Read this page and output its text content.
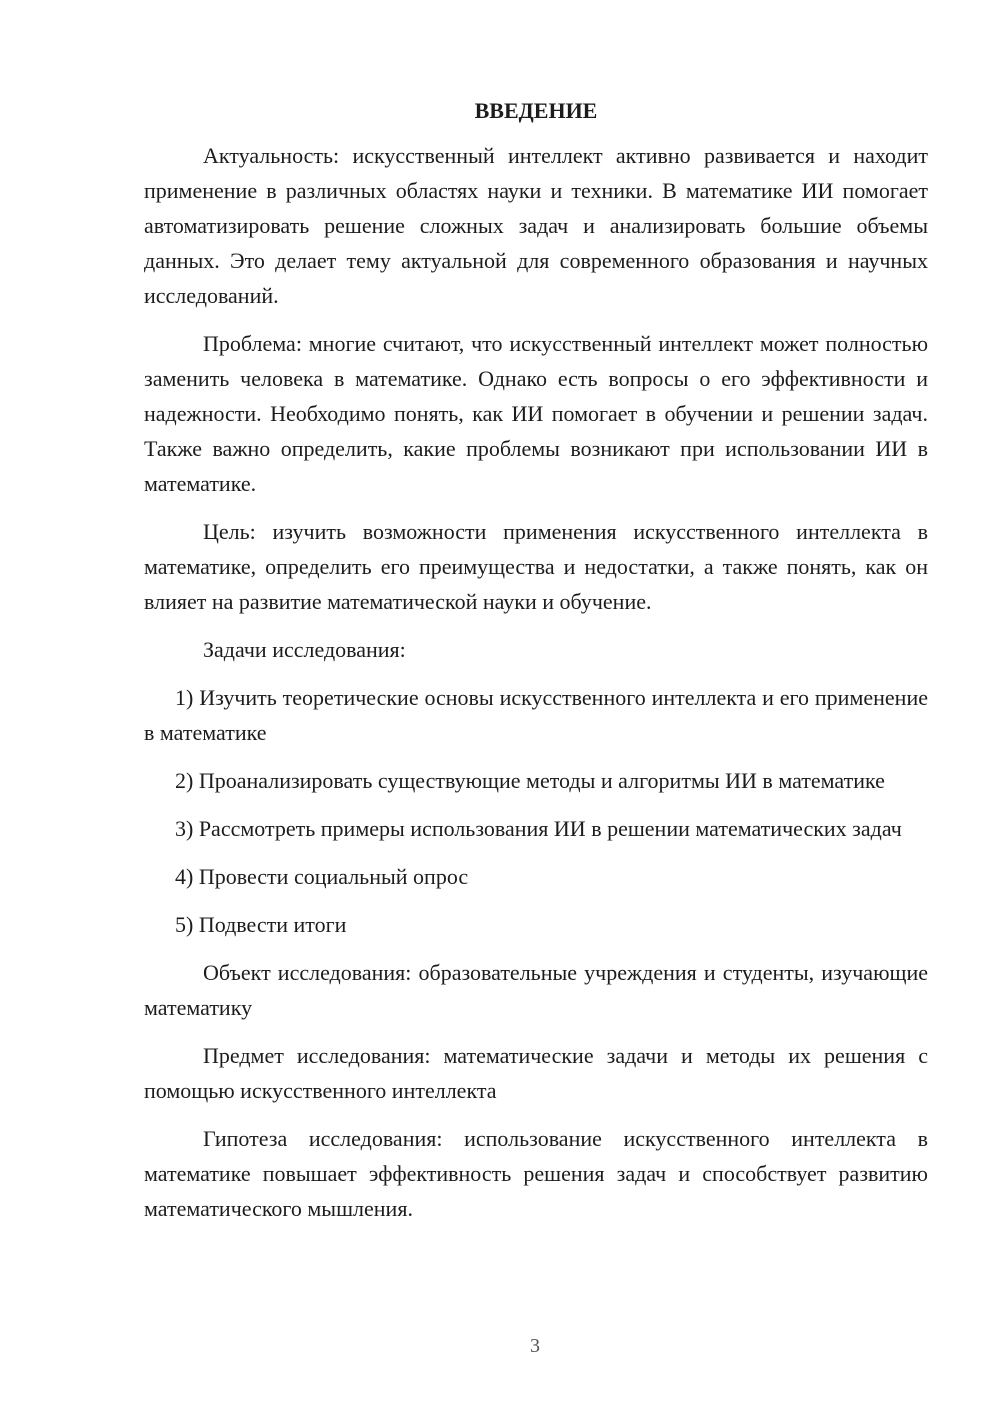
ВВЕДЕНИЕ

Актуальность: искусственный интеллект активно развивается и находит применение в различных областях науки и техники. В математике ИИ помогает автоматизировать решение сложных задач и анализировать большие объемы данных. Это делает тему актуальной для современного образования и научных исследований.

Проблема: многие считают, что искусственный интеллект может полностью заменить человека в математике. Однако есть вопросы о его эффективности и надежности. Необходимо понять, как ИИ помогает в обучении и решении задач. Также важно определить, какие проблемы возникают при использовании ИИ в математике.

Цель: изучить возможности применения искусственного интеллекта в математике, определить его преимущества и недостатки, а также понять, как он влияет на развитие математической науки и обучение.

Задачи исследования:

1) Изучить теоретические основы искусственного интеллекта и его применение в математике

2) Проанализировать существующие методы и алгоритмы ИИ в математике

3) Рассмотреть примеры использования ИИ в решении математических задач

4) Провести социальный опрос

5) Подвести итоги

Объект исследования: образовательные учреждения и студенты, изучающие математику

Предмет исследования: математические задачи и методы их решения с помощью искусственного интеллекта

Гипотеза исследования: использование искусственного интеллекта в математике повышает эффективность решения задач и способствует развитию математического мышления.

3
